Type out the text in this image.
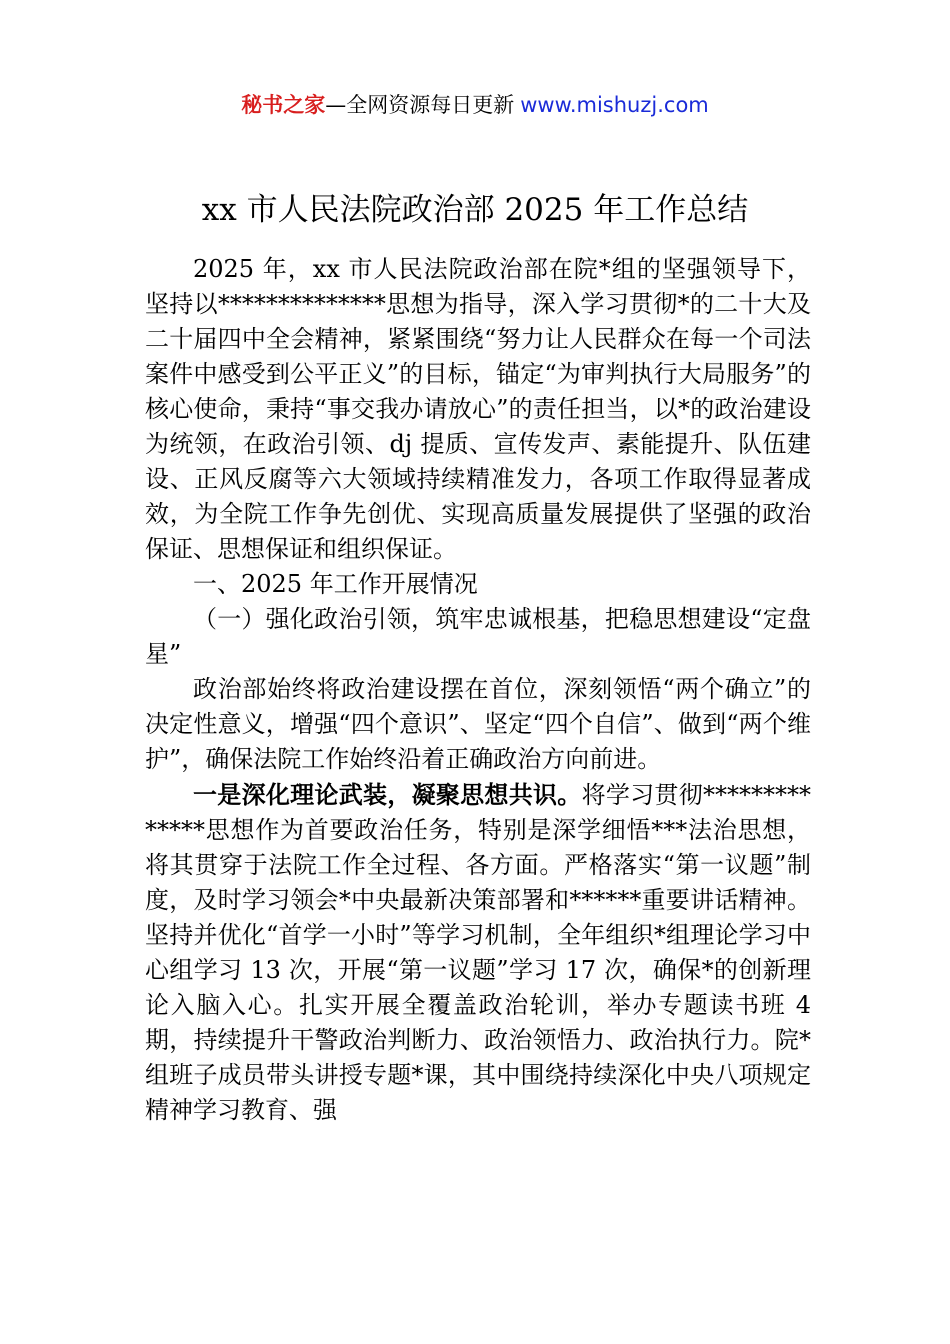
秘书之家—全网资源每日更新 www.mishuzj.com
xx 市人民法院政治部 2025 年工作总结

2025 年，xx 市人民法院政治部在院*组的坚强领导下，坚持以**************思想为指导，深入学习贯彻*的二十大及二十届四中全会精神，紧紧围绕“努力让人民群众在每一个司法案件中感受到公平正义”的目标，锚定“为审判执行大局服务”的核心使命，秉持“事交我办请放心”的责任担当，以*的政治建设为统领，在政治引领、dj 提质、宣传发声、素能提升、队伍建设、正风反腐等六大领域持续精准发力，各项工作取得显著成效，为全院工作争先创优、实现高质量发展提供了坚强的政治保证、思想保证和组织保证。

一、2025 年工作开展情况

（一）强化政治引领，筑牢忠诚根基，把稳思想建设“定盘星”

政治部始终将政治建设摆在首位，深刻领悟“两个确立”的决定性意义，增强“四个意识”、坚定“四个自信”、做到“两个维护”，确保法院工作始终沿着正确政治方向前进。

一是深化理论武装，凝聚思想共识。将学习贯彻**************思想作为首要政治任务，特别是深学细悟***法治思想，将其贯穿于法院工作全过程、各方面。严格落实“第一议题”制度，及时学习领会*中央最新决策部署和******重要讲话精神。坚持并优化“首学一小时”等学习机制，全年组织*组理论学习中心组学习 13 次，开展“第一议题”学习 17 次，确保*的创新理论入脑入心。扎实开展全覆盖政治轮训，举办专题读书班 4 期，持续提升干警政治判断力、政治领悟力、政治执行力。院*组班子成员带头讲授专题*课，其中围绕持续深化中央八项规定精神学习教育、强
